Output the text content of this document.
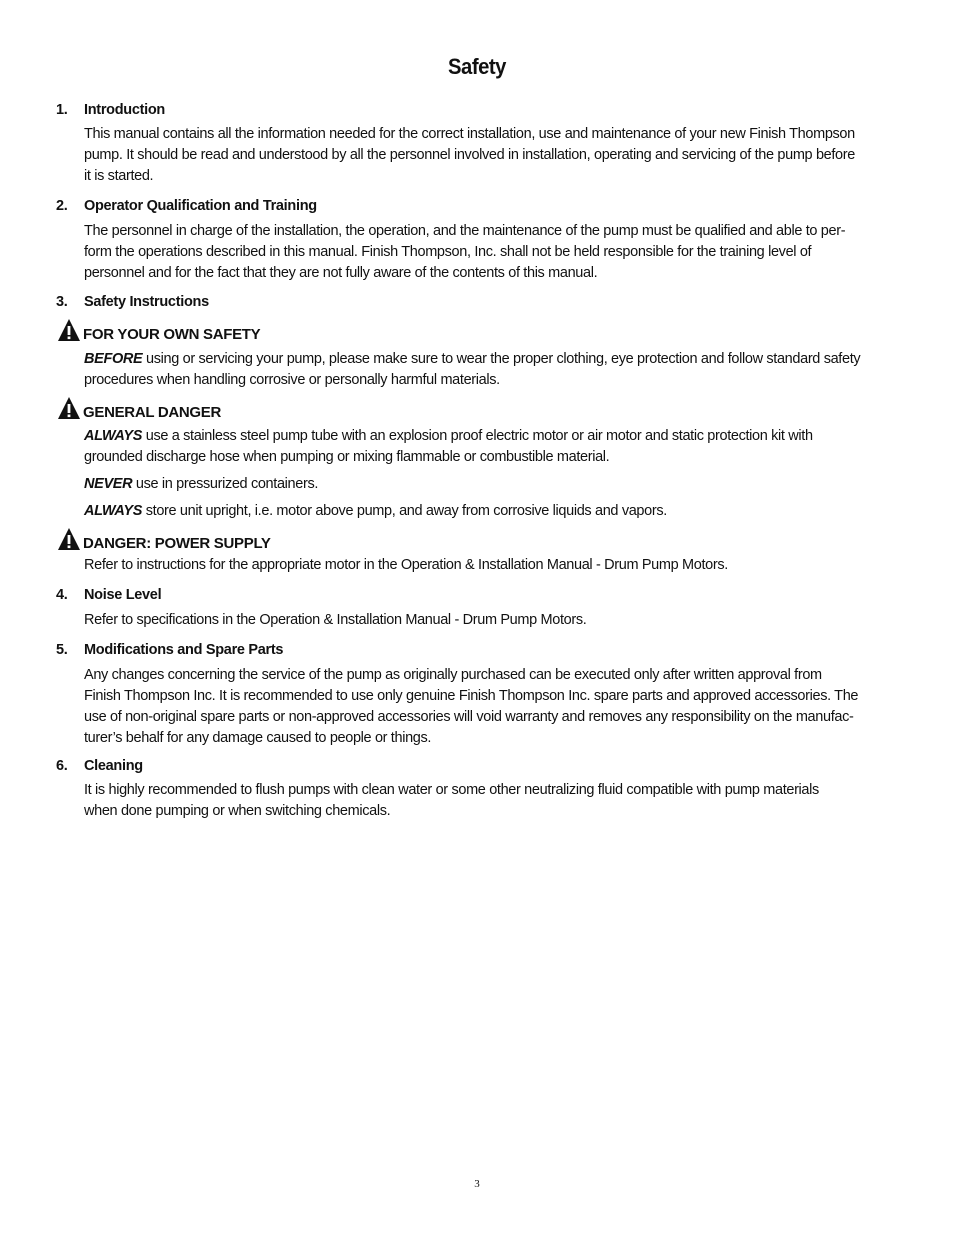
Safety
1. Introduction
This manual contains all the information needed for the correct installation, use and maintenance of your new Finish Thompson
pump. It should be read and understood by all the personnel involved in installation, operating and servicing of the pump before
it is started.
2. Operator Qualification and Training
The personnel in charge of the installation, the operation, and the maintenance of the pump must be qualified and able to per-
form the operations described in this manual. Finish Thompson, Inc. shall not be held responsible for the training level of
personnel and for the fact that they are not fully aware of the contents of this manual.
3. Safety Instructions
FOR YOUR OWN SAFETY
BEFORE using or servicing your pump, please make sure to wear the proper clothing, eye protection and follow standard safety
procedures when handling corrosive or personally harmful materials.
GENERAL DANGER
ALWAYS use a stainless steel pump tube with an explosion proof electric motor or air motor and static protection kit with
grounded discharge hose when pumping or mixing flammable or combustible material.
NEVER use in pressurized containers.
ALWAYS store unit upright, i.e. motor above pump, and away from corrosive liquids and vapors.
DANGER: POWER SUPPLY
Refer to instructions for the appropriate motor in the Operation & Installation Manual - Drum Pump Motors.
4. Noise Level
Refer to specifications in the Operation & Installation Manual - Drum Pump Motors.
5. Modifications and Spare Parts
Any changes concerning the service of the pump as originally purchased can be executed only after written approval from
Finish Thompson Inc. It is recommended to use only genuine Finish Thompson Inc. spare parts and approved accessories. The
use of non-original spare parts or non-approved accessories will void warranty and removes any responsibility on the manufac-
turer’s behalf for any damage caused to people or things.
6. Cleaning
It is highly recommended to flush pumps with clean water or some other neutralizing fluid compatible with pump materials
when done pumping or when switching chemicals.
3
